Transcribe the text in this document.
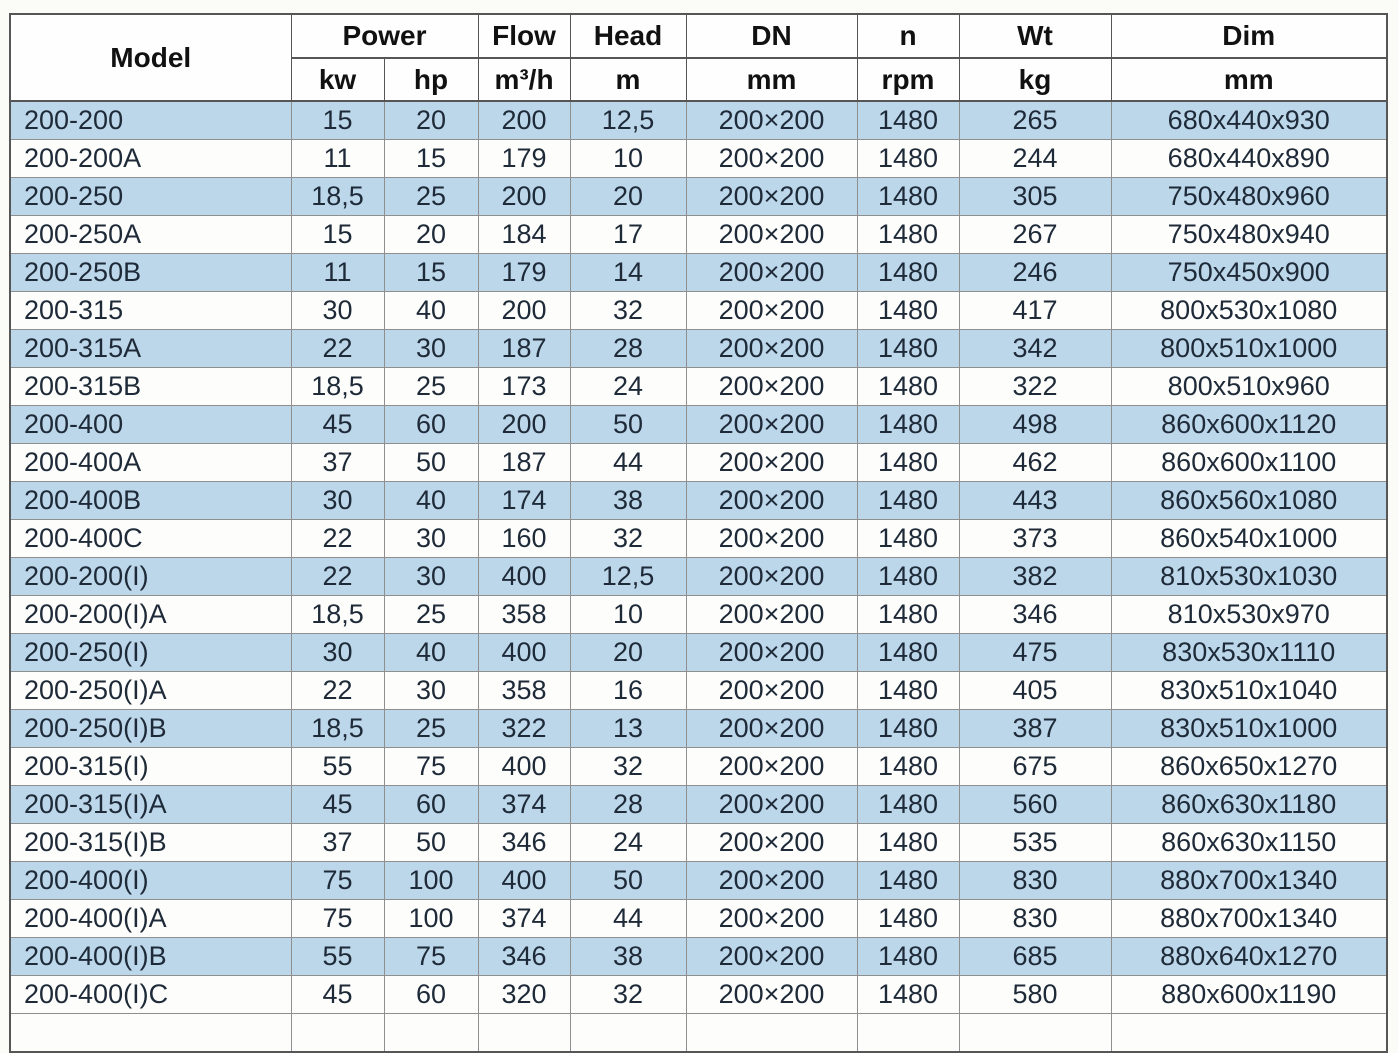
Model	Power		Flow	Head	DN	n	Wt	Dim
	kw	hp	m³/h	m	mm	rpm	kg	mm
200-200	15	20	200	12,5	200×200	1480	265	680x440x930
200-200A	11	15	179	10	200×200	1480	244	680x440x890
200-250	18,5	25	200	20	200×200	1480	305	750x480x960
200-250A	15	20	184	17	200×200	1480	267	750x480x940
200-250B	11	15	179	14	200×200	1480	246	750x450x900
200-315	30	40	200	32	200×200	1480	417	800x530x1080
200-315A	22	30	187	28	200×200	1480	342	800x510x1000
200-315B	18,5	25	173	24	200×200	1480	322	800x510x960
200-400	45	60	200	50	200×200	1480	498	860x600x1120
200-400A	37	50	187	44	200×200	1480	462	860x600x1100
200-400B	30	40	174	38	200×200	1480	443	860x560x1080
200-400C	22	30	160	32	200×200	1480	373	860x540x1000
200-200(I)	22	30	400	12,5	200×200	1480	382	810x530x1030
200-200(I)A	18,5	25	358	10	200×200	1480	346	810x530x970
200-250(I)	30	40	400	20	200×200	1480	475	830x530x1110
200-250(I)A	22	30	358	16	200×200	1480	405	830x510x1040
200-250(I)B	18,5	25	322	13	200×200	1480	387	830x510x1000
200-315(I)	55	75	400	32	200×200	1480	675	860x650x1270
200-315(I)A	45	60	374	28	200×200	1480	560	860x630x1180
200-315(I)B	37	50	346	24	200×200	1480	535	860x630x1150
200-400(I)	75	100	400	50	200×200	1480	830	880x700x1340
200-400(I)A	75	100	374	44	200×200	1480	830	880x700x1340
200-400(I)B	55	75	346	38	200×200	1480	685	880x640x1270
200-400(I)C	45	60	320	32	200×200	1480	580	880x600x1190
